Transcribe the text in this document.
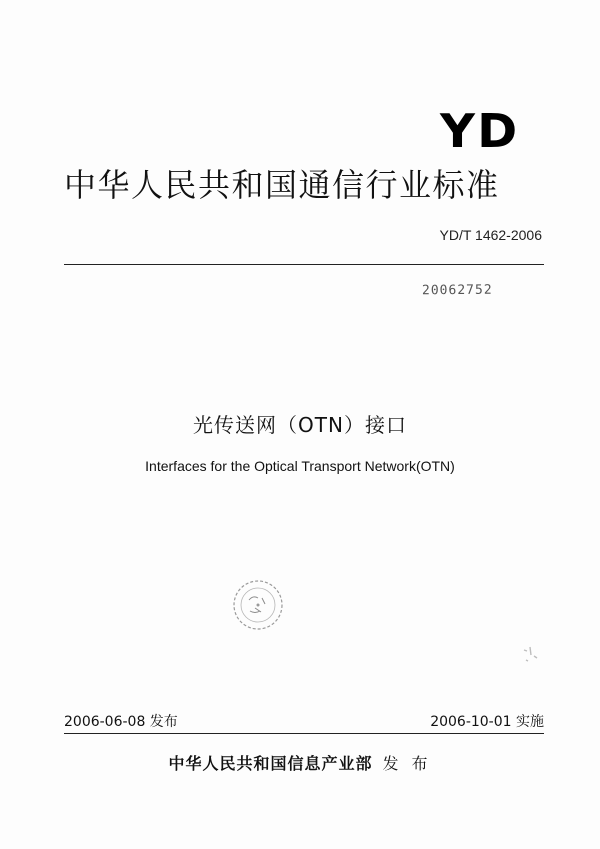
YD
中华人民共和国通信行业标准
YD/T 1462-2006
20062752
光传送网（OTN）接口
Interfaces for the Optical Transport Network(OTN)
2006-06-08 发布	2006-10-01 实施
中华人民共和国信息产业部 发 布
